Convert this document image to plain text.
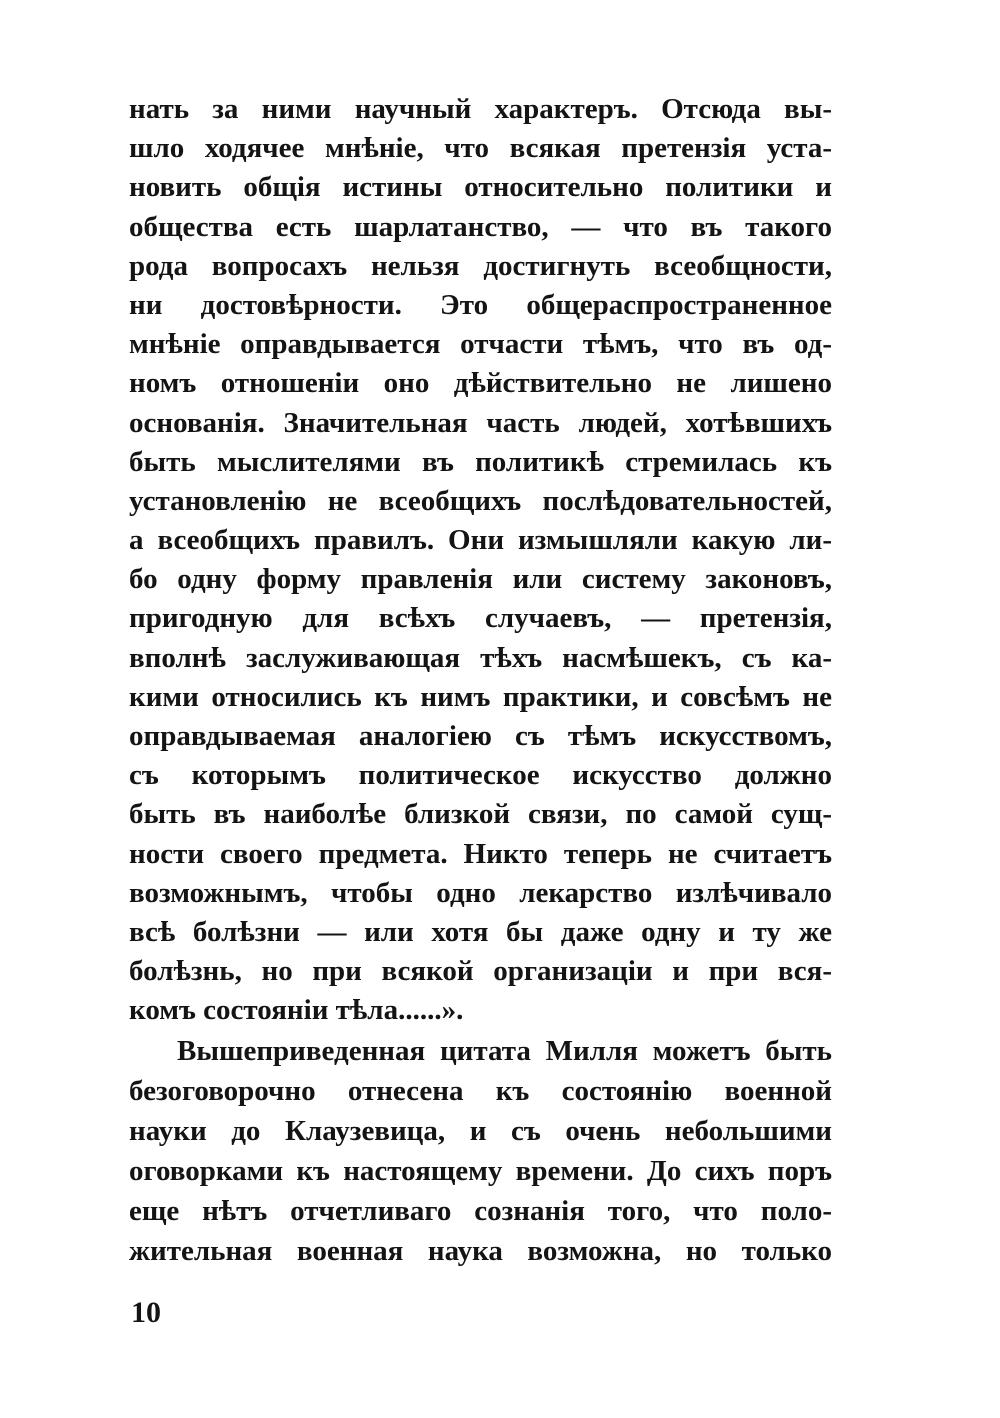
нать за ними научный характеръ. Отсюда вы-
шло ходячее мнѣніе, что всякая претензія уста-
новить общія истины относительно политики и
общества есть шарлатанство, — что въ такого
рода вопросахъ нельзя достигнуть всеобщности,
ни достовѣрности. Это общераспространенное
мнѣніе оправдывается отчасти тѣмъ, что въ од-
номъ отношеніи оно дѣйствительно не лишено
основанія. Значительная часть людей, хотѣвшихъ
быть мыслителями въ политикѣ стремилась къ
установленію не всеобщихъ послѣдовательностей,
а всеобщихъ правилъ. Они измышляли какую ли-
бо одну форму правленія или систему законовъ,
пригодную для всѣхъ случаевъ, — претензія,
вполнѣ заслуживающая тѣхъ насмѣшекъ, съ ка-
кими относились къ нимъ практики, и совсѣмъ не
оправдываемая аналогіею съ тѣмъ искусствомъ,
съ которымъ политическое искусство должно
быть въ наиболѣе близкой связи, по самой сущ-
ности своего предмета. Никто теперь не считаетъ
возможнымъ, чтобы одно лекарство излѣчивало
всѣ болѣзни — или хотя бы даже одну и ту же
болѣзнь, но при всякой организаціи и при вся-
комъ состояніи тѣла......».
Вышеприведенная цитата Милля можетъ быть
безоговорочно отнесена къ состоянію военной
науки до Клаузевица, и съ очень небольшими
оговорками къ настоящему времени. До сихъ поръ
еще нѣтъ отчетливаго сознанія того, что поло-
жительная военная наука возможна, но только
10
